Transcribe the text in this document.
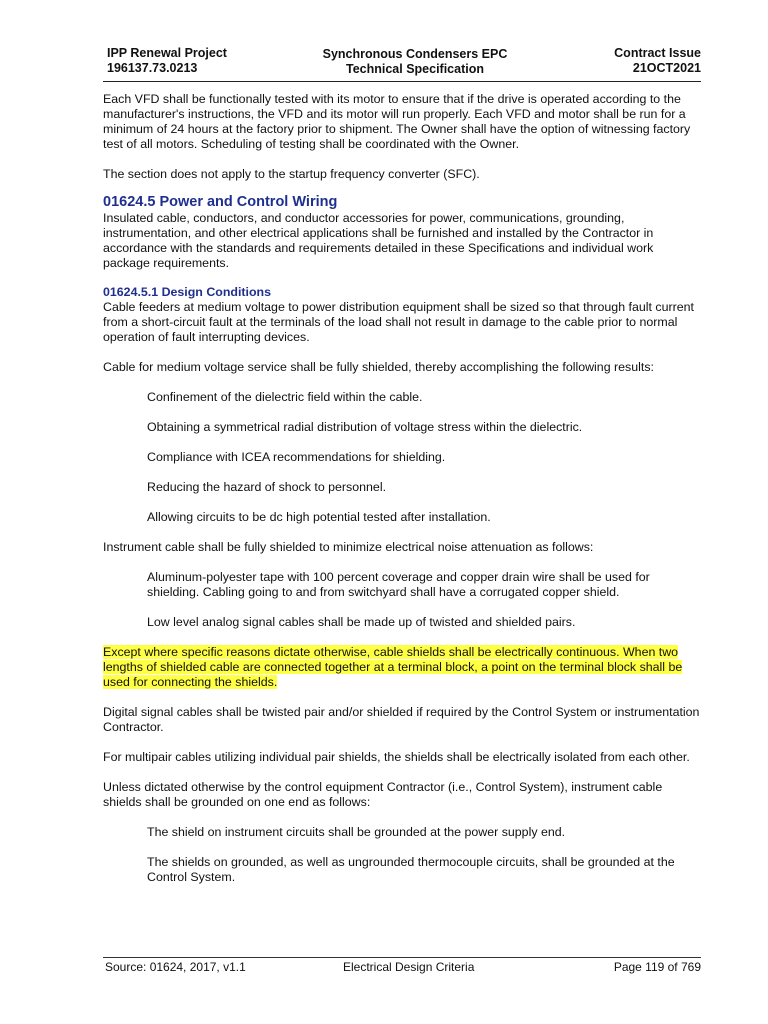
IPP Renewal Project
196137.73.0213
Synchronous Condensers EPC
Technical Specification
Contract Issue
21OCT2021

Each VFD shall be functionally tested with its motor to ensure that if the drive is operated according to the manufacturer's instructions, the VFD and its motor will run properly. Each VFD and motor shall be run for a minimum of 24 hours at the factory prior to shipment. The Owner shall have the option of witnessing factory test of all motors. Scheduling of testing shall be coordinated with the Owner.

The section does not apply to the startup frequency converter (SFC).

01624.5 Power and Control Wiring

Insulated cable, conductors, and conductor accessories for power, communications, grounding, instrumentation, and other electrical applications shall be furnished and installed by the Contractor in accordance with the standards and requirements detailed in these Specifications and individual work package requirements.

01624.5.1 Design Conditions

Cable feeders at medium voltage to power distribution equipment shall be sized so that through fault current from a short-circuit fault at the terminals of the load shall not result in damage to the cable prior to normal operation of fault interrupting devices.

Cable for medium voltage service shall be fully shielded, thereby accomplishing the following results:

Confinement of the dielectric field within the cable.

Obtaining a symmetrical radial distribution of voltage stress within the dielectric.

Compliance with ICEA recommendations for shielding.

Reducing the hazard of shock to personnel.

Allowing circuits to be dc high potential tested after installation.

Instrument cable shall be fully shielded to minimize electrical noise attenuation as follows:

Aluminum-polyester tape with 100 percent coverage and copper drain wire shall be used for shielding. Cabling going to and from switchyard shall have a corrugated copper shield.

Low level analog signal cables shall be made up of twisted and shielded pairs.

Except where specific reasons dictate otherwise, cable shields shall be electrically continuous. When two lengths of shielded cable are connected together at a terminal block, a point on the terminal block shall be used for connecting the shields.

Digital signal cables shall be twisted pair and/or shielded if required by the Control System or instrumentation Contractor.

For multipair cables utilizing individual pair shields, the shields shall be electrically isolated from each other.

Unless dictated otherwise by the control equipment Contractor (i.e., Control System), instrument cable shields shall be grounded on one end as follows:

The shield on instrument circuits shall be grounded at the power supply end.

The shields on grounded, as well as ungrounded thermocouple circuits, shall be grounded at the Control System.

Source: 01624, 2017, v1.1	Electrical Design Criteria	Page 119 of 769
